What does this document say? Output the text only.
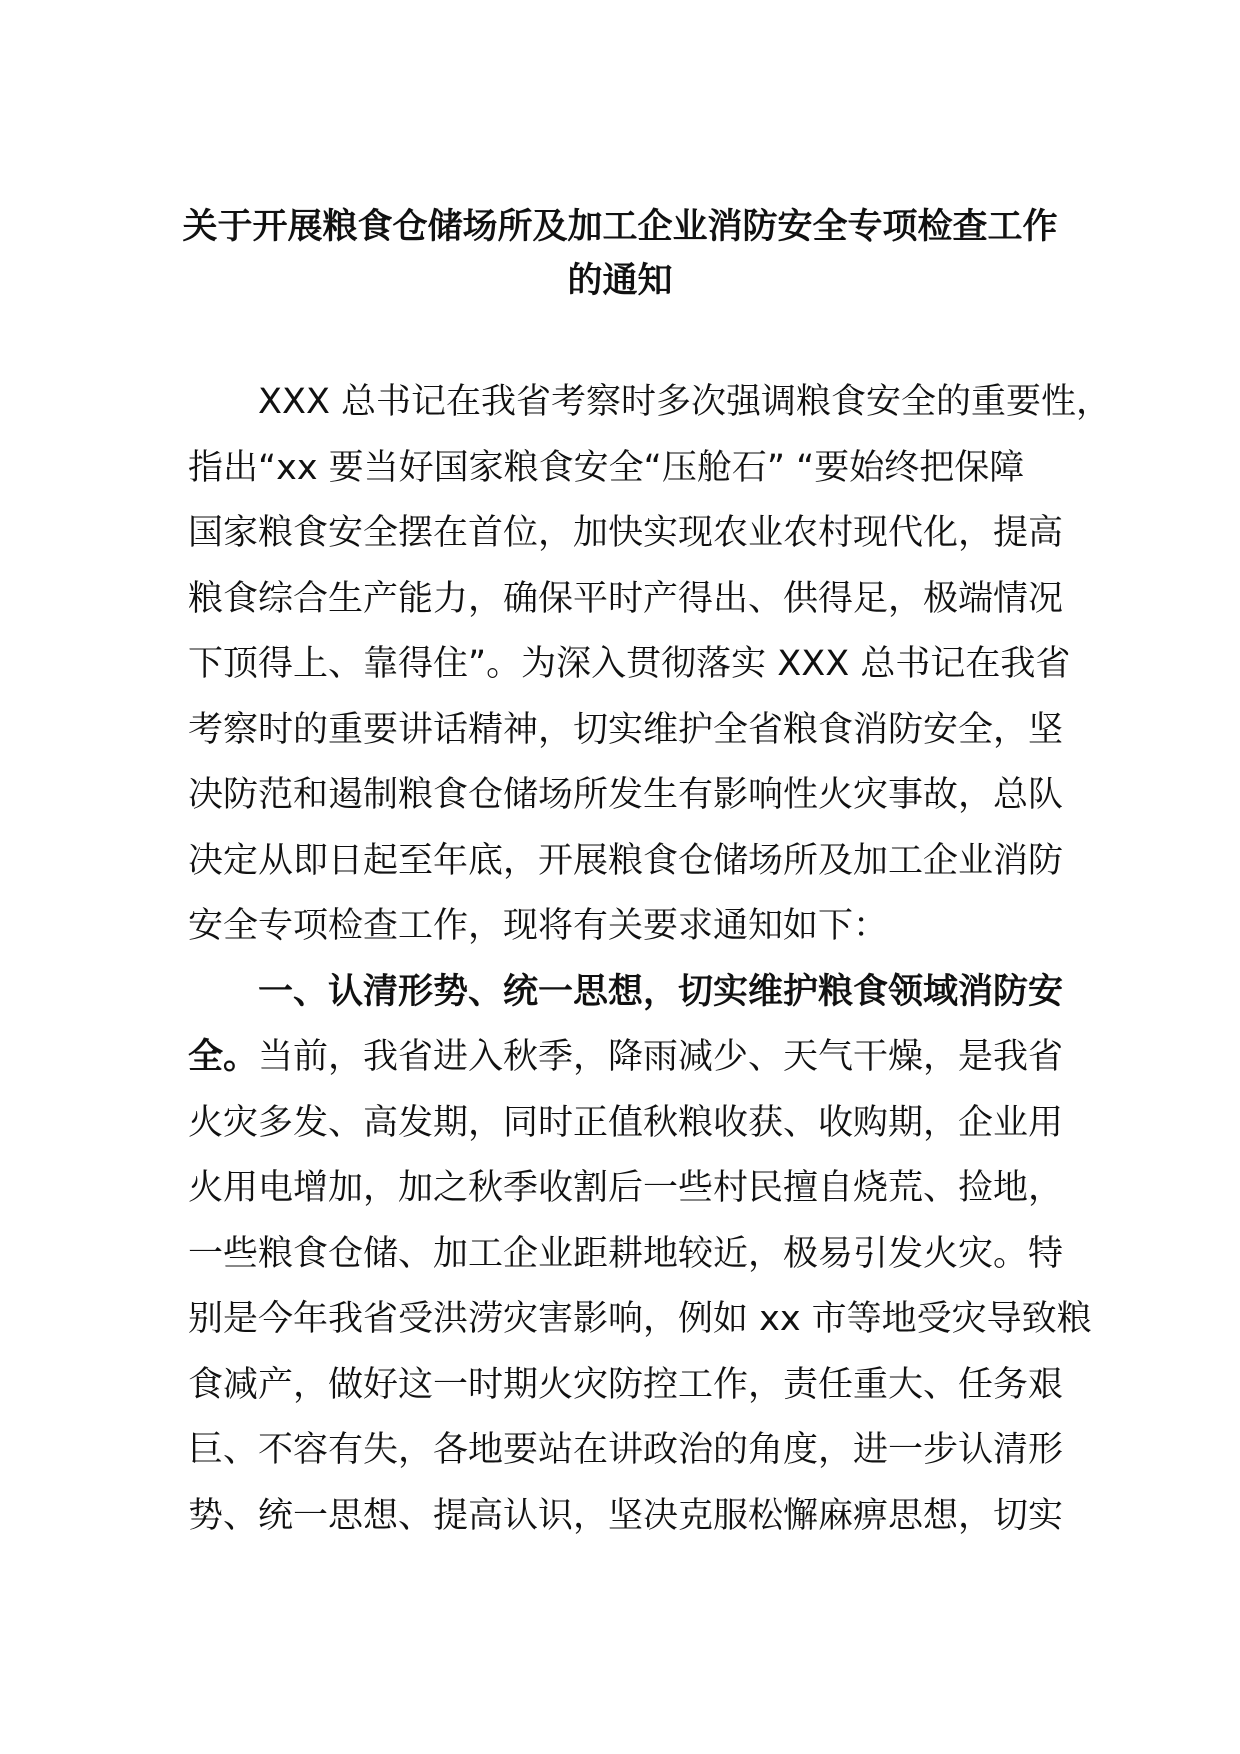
关于开展粮食仓储场所及加工企业消防安全专项检查工作
的通知
XXX 总书记在我省考察时多次强调粮食安全的重要性，
指出“xx 要当好国家粮食安全“压舱石” “要始终把保障
国家粮食安全摆在首位，加快实现农业农村现代化，提高
粮食综合生产能力，确保平时产得出、供得足，极端情况
下顶得上、靠得住”。为深入贯彻落实 XXX 总书记在我省
考察时的重要讲话精神，切实维护全省粮食消防安全，坚
决防范和遏制粮食仓储场所发生有影响性火灾事故，总队
决定从即日起至年底，开展粮食仓储场所及加工企业消防
安全专项检查工作，现将有关要求通知如下：
一、认清形势、统一思想，切实维护粮食领域消防安
全。当前，我省进入秋季，降雨减少、天气干燥，是我省
火灾多发、高发期，同时正值秋粮收获、收购期，企业用
火用电增加，加之秋季收割后一些村民擅自烧荒、捡地，
一些粮食仓储、加工企业距耕地较近，极易引发火灾。特
别是今年我省受洪涝灾害影响，例如 xx 市等地受灾导致粮
食减产，做好这一时期火灾防控工作，责任重大、任务艰
巨、不容有失，各地要站在讲政治的角度，进一步认清形
势、统一思想、提高认识，坚决克服松懈麻痹思想，切实
